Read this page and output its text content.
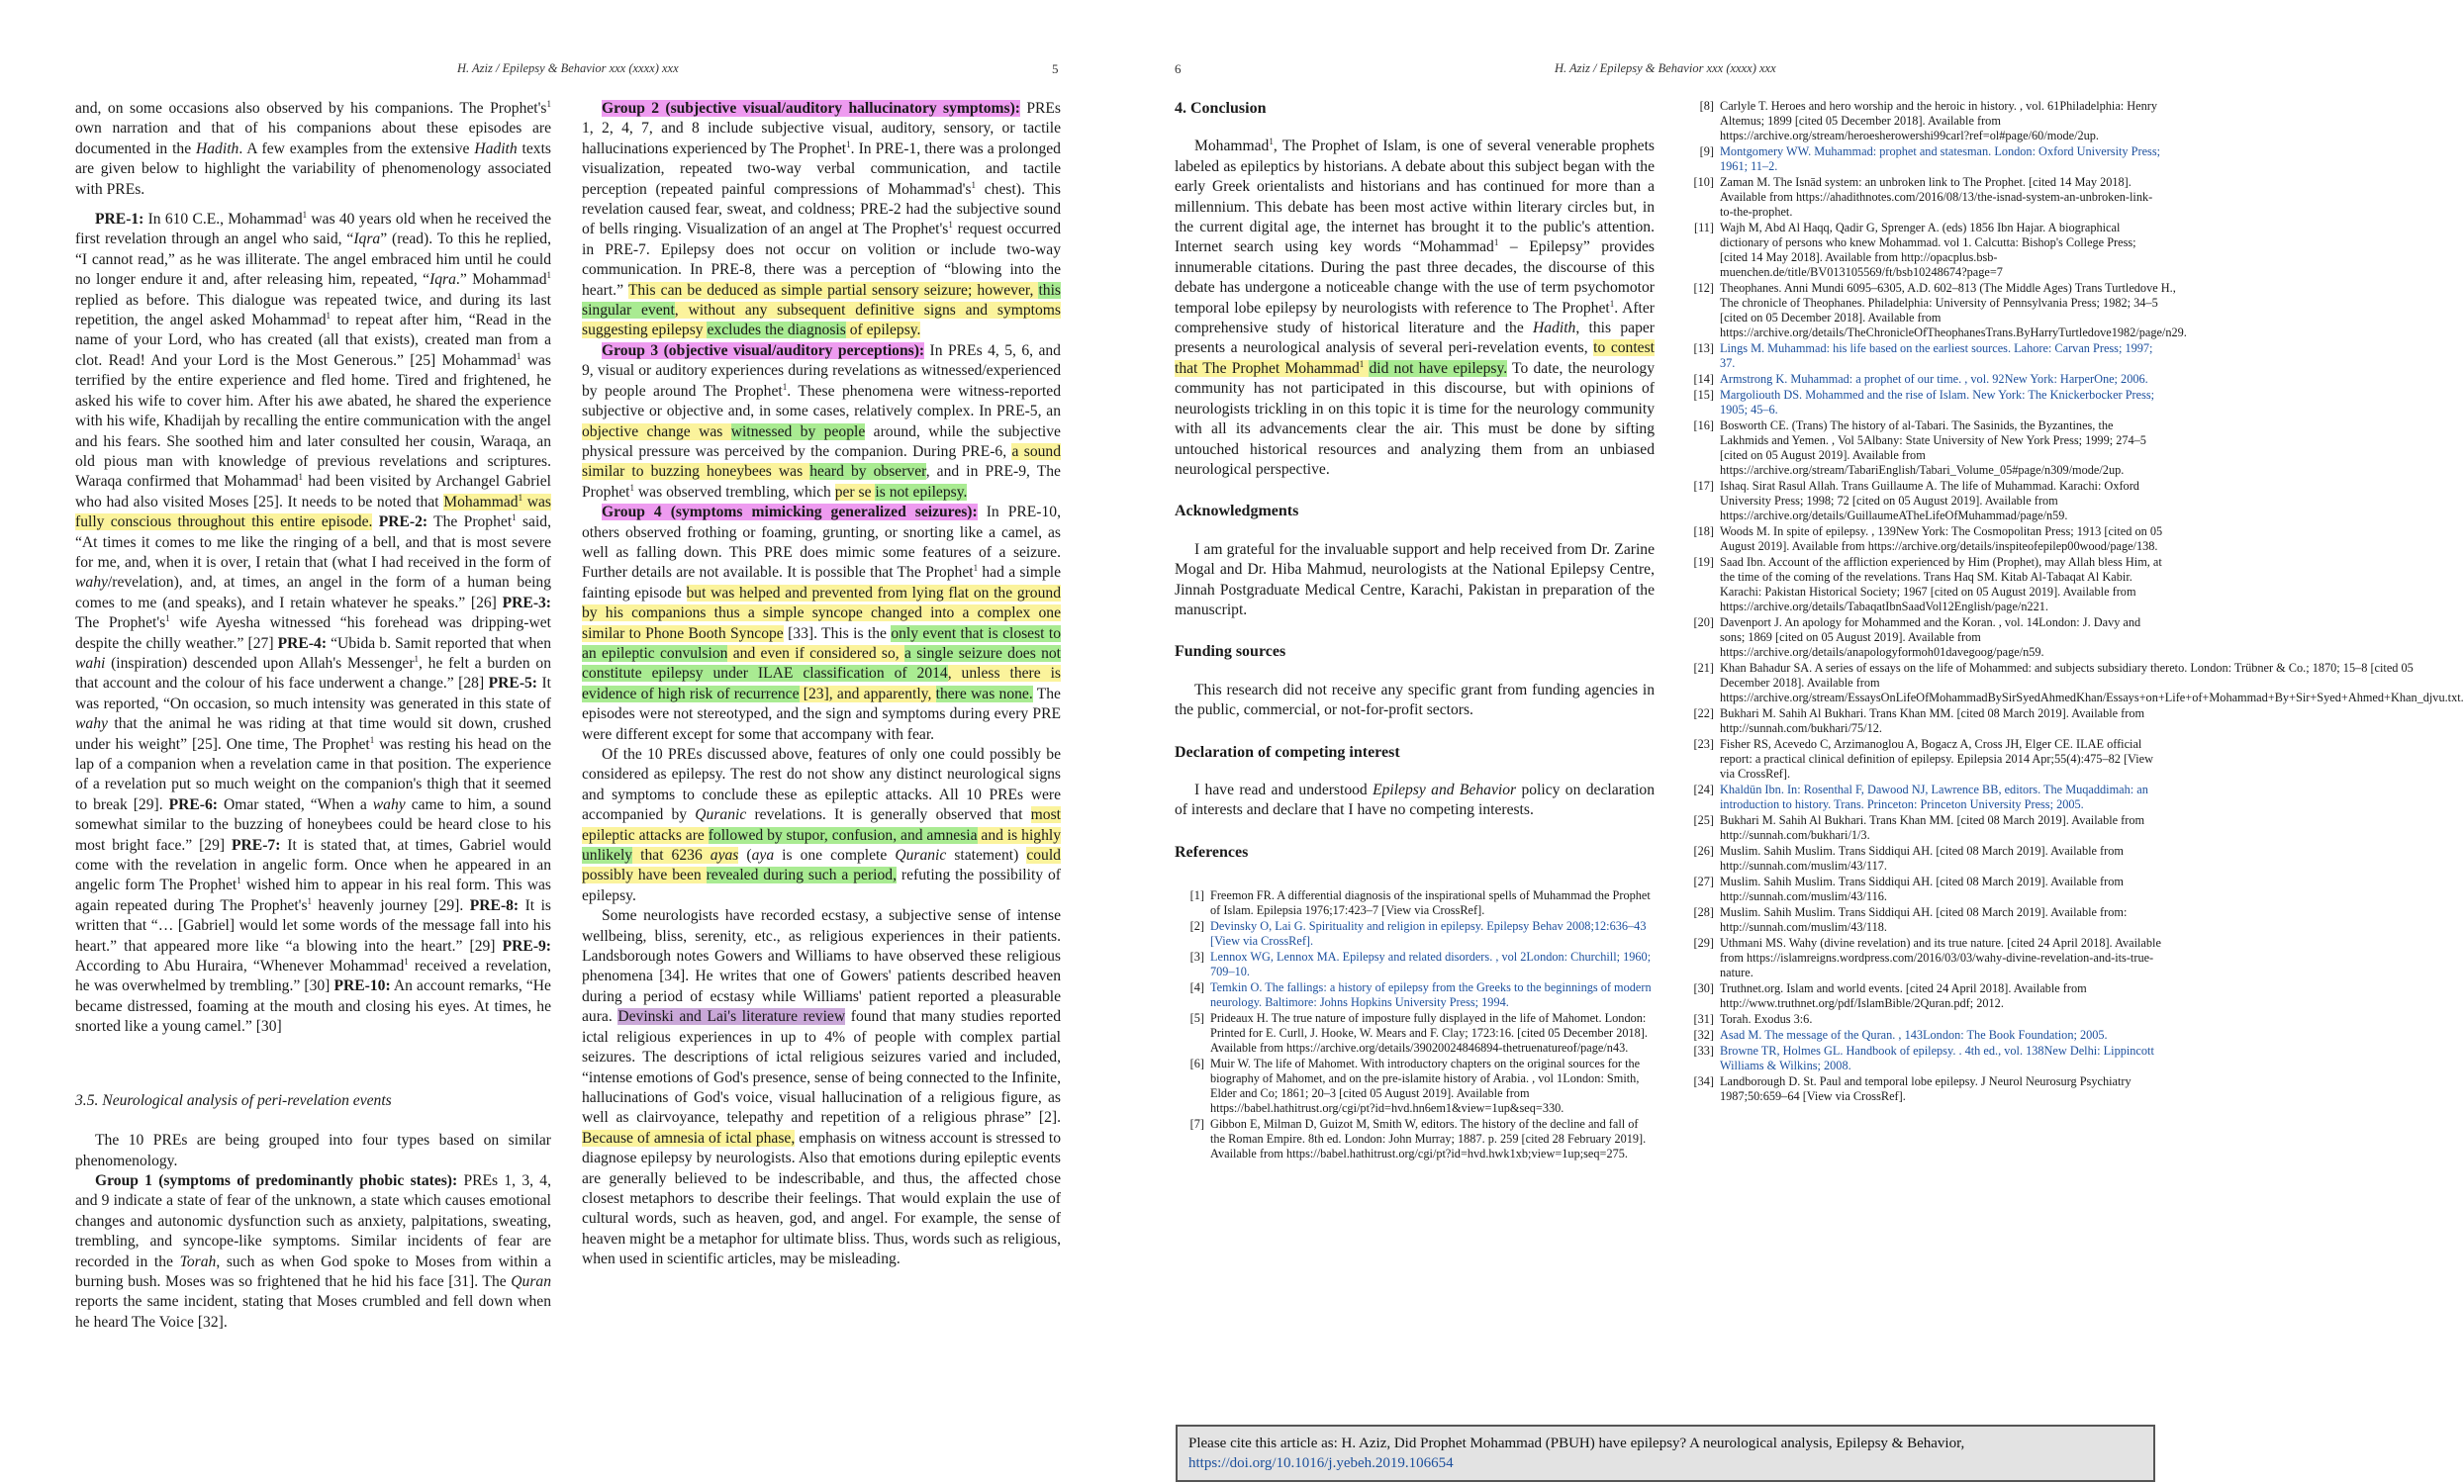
H. Aziz / Epilepsy & Behavior xxx (xxxx) xxx	5

and, on some occasions also observed by his companions. The $Prophet's^1$ own narration and that of his companions about these episodes are documented in the Hadith. A few examples from the extensive Hadith texts are given below to highlight the variability of phenomenology associated with PREs.

PRE-1: In 610 C.E., Mohammad$^1$ was 40 years old when he received the first revelation through an angel who said, “Iqra” (read). To this he replied, “I cannot read,” as he was illiterate. The angel embraced him until he could no longer endure it and, after releasing him, repeated, “Iqra.” Mohammad$^1$ replied as before. This dialogue was repeated twice, and during its last repetition, the angel asked Mohammad$^1$ to repeat after him, “Read in the name of your Lord, who has created (all that exists), created man from a clot. Read! And your Lord is the Most Generous.” [25] Mohammad$^1$ was terrified by the entire experience and fled home. Tired and frightened, he asked his wife to cover him. After his awe abated, he shared the experience with his wife, Khadijah by recalling the entire communication with the angel and his fears. She soothed him and later consulted her cousin, Waraqa, an old pious man with knowledge of previous revelations and scriptures. Waraqa confirmed that Mohammad$^1$ had been visited by Archangel Gabriel who had also visited Moses [25]. It needs to be noted that Mohammad$^1$ was fully conscious throughout this entire episode. PRE-2: The Prophet$^1$ said, “At times it comes to me like the ringing of a bell, and that is most severe for me, and, when it is over, I retain that (what I had received in the form of wahy/revelation), and, at times, an angel in the form of a human being comes to me (and speaks), and I retain whatever he speaks.” [26] PRE-3: The $Prophet's^1$ wife Ayesha witnessed “his forehead was dripping-wet despite the chilly weather.” [27] PRE-4: “Ubida b. Samit reported that when wahi (inspiration) descended upon Allah's Messenger$^1$, he felt a burden on that account and the colour of his face underwent a change.” [28] PRE-5: It was reported, “On occasion, so much intensity was generated in this state of wahy that the animal he was riding at that time would sit down, crushed under his weight” [25]. One time, The Prophet$^1$ was resting his head on the lap of a companion when a revelation came in that position. The experience of a revelation put so much weight on the companion's thigh that it seemed to break [29]. PRE-6: Omar stated, “When a wahy came to him, a sound somewhat similar to the buzzing of honeybees could be heard close to his most bright face.” [29] PRE-7: It is stated that, at times, Gabriel would come with the revelation in angelic form. Once when he appeared in an angelic form The Prophet$^1$ wished him to appear in his real form. This was again repeated during The $Prophet's^1$ heavenly journey [29]. PRE-8: It is written that “… [Gabriel] would let some words of the message fall into his heart.” that appeared more like “a blowing into the heart.” [29] PRE-9: According to Abu Huraira, “Whenever Mohammad$^1$ received a revelation, he was overwhelmed by trembling.” [30] PRE-10: An account remarks, “He became distressed, foaming at the mouth and closing his eyes. At times, he snorted like a young camel.” [30]

3.5. Neurological analysis of peri-revelation events

The 10 PREs are being grouped into four types based on similar phenomenology.

Group 1 (symptoms of predominantly phobic states): PREs 1, 3, 4, and 9 indicate a state of fear of the unknown, a state which causes emotional changes and autonomic dysfunction such as anxiety, palpitations, sweating, trembling, and syncope-like symptoms. Similar incidents of fear are recorded in the Torah, such as when God spoke to Moses from within a burning bush. Moses was so frightened that he hid his face [31]. The Quran reports the same incident, stating that Moses crumbled and fell down when he heard The Voice [32].

Group 2 (subjective visual/auditory hallucinatory symptoms): PREs 1, 2, 4, 7, and 8 include subjective visual, auditory, sensory, or tactile hallucinations experienced by The Prophet$^1$. In PRE-1, there was a prolonged visualization, repeated two-way verbal communication, and tactile perception (repeated painful compressions of $Mohammad's^1$ chest). This revelation caused fear, sweat, and coldness; PRE-2 had the subjective sound of bells ringing. Visualization of an angel at The $Prophet's^1$ request occurred in PRE-7. Epilepsy does not occur on volition or include two-way communication. In PRE-8, there was a perception of “blowing into the heart.” This can be deduced as simple partial sensory seizure; however, this singular event, without any subsequent definitive signs and symptoms suggesting epilepsy excludes the diagnosis of epilepsy.

Group 3 (objective visual/auditory perceptions): In PREs 4, 5, 6, and 9, visual or auditory experiences during revelations as witnessed/experienced by people around The Prophet$^1$. These phenomena were witness-reported subjective or objective and, in some cases, relatively complex. In PRE-5, an objective change was witnessed by people around, while the subjective physical pressure was perceived by the companion. During PRE-6, a sound similar to buzzing honeybees was heard by observer, and in PRE-9, The Prophet$^1$ was observed trembling, which per se is not epilepsy.

Group 4 (symptoms mimicking generalized seizures): In PRE-10, others observed frothing or foaming, grunting, or snorting like a camel, as well as falling down. This PRE does mimic some features of a seizure. Further details are not available. It is possible that The Prophet$^1$ had a simple fainting episode but was helped and prevented from lying flat on the ground by his companions thus a simple syncope changed into a complex one similar to Phone Booth Syncope [33]. This is the only event that is closest to an epileptic convulsion and even if considered so, a single seizure does not constitute epilepsy under ILAE classification of 2014, unless there is evidence of high risk of recurrence [23], and apparently, there was none. The episodes were not stereotyped, and the sign and symptoms during every PRE were different except for some that accompany with fear.

Of the 10 PREs discussed above, features of only one could possibly be considered as epilepsy. The rest do not show any distinct neurological signs and symptoms to conclude these as epileptic attacks. All 10 PREs were accompanied by Quranic revelations. It is generally observed that most epileptic attacks are followed by stupor, confusion, and amnesia and is highly unlikely that 6236 ayas (aya is one complete Quranic statement) could possibly have been revealed during such a period, refuting the possibility of epilepsy.

Some neurologists have recorded ecstasy, a subjective sense of intense wellbeing, bliss, serenity, etc., as religious experiences in their patients. Landsborough notes Gowers and Williams to have observed these religious phenomena [34]. He writes that one of Gowers' patients described heaven during a period of ecstasy while Williams' patient reported a pleasurable aura. Devinski and Lai's literature review found that many studies reported ictal religious experiences in up to 4% of people with complex partial seizures. The descriptions of ictal religious seizures varied and included, “intense emotions of God's presence, sense of being connected to the Infinite, hallucinations of God's voice, visual hallucination of a religious figure, as well as clairvoyance, telepathy and repetition of a religious phrase” [2]. Because of amnesia of ictal phase, emphasis on witness account is stressed to diagnose epilepsy by neurologists. Also that emotions during epileptic events are generally believed to be indescribable, and thus, the affected chose closest metaphors to describe their feelings. That would explain the use of cultural words, such as heaven, god, and angel. For example, the sense of heaven might be a metaphor for ultimate bliss. Thus, words such as religious, when used in scientific articles, may be misleading.

6	H. Aziz / Epilepsy & Behavior xxx (xxxx) xxx

4. Conclusion

Mohammad$^1$, The Prophet of Islam, is one of several venerable prophets labeled as epileptics by historians. A debate about this subject began with the early Greek orientalists and historians and has continued for more than a millennium. This debate has been most active within literary circles but, in the current digital age, the internet has brought it to the public's attention. Internet search using key words “Mohammad$^1$ – Epilepsy” provides innumerable citations. During the past three decades, the discourse of this debate has undergone a noticeable change with the use of term psychomotor temporal lobe epilepsy by neurologists with reference to The Prophet$^1$. After comprehensive study of historical literature and the Hadith, this paper presents a neurological analysis of several peri-revelation events, to contest that The Prophet Mohammad$^1$ did not have epilepsy. To date, the neurology community has not participated in this discourse, but with opinions of neurologists trickling in on this topic it is time for the neurology community with all its advancements clear the air. This must be done by sifting untouched historical resources and analyzing them from an unbiased neurological perspective.

Acknowledgments

I am grateful for the invaluable support and help received from Dr. Zarine Mogal and Dr. Hiba Mahmud, neurologists at the National Epilepsy Centre, Jinnah Postgraduate Medical Centre, Karachi, Pakistan in preparation of the manuscript.

Funding sources

This research did not receive any specific grant from funding agencies in the public, commercial, or not-for-profit sectors.

Declaration of competing interest

I have read and understood Epilepsy and Behavior policy on declaration of interests and declare that I have no competing interests.

References

[1] Freemon FR. A differential diagnosis of the inspirational spells of Muhammad the Prophet of Islam. Epilepsia 1976;17:423–7 [View via CrossRef].
[2] Devinsky O, Lai G. Spirituality and religion in epilepsy. Epilepsy Behav 2008;12:636–43 [View via CrossRef].
[3] Lennox WG, Lennox MA. Epilepsy and related disorders. , vol 2London: Churchill; 1960; 709–10.
[4] Temkin O. The fallings: a history of epilepsy from the Greeks to the beginnings of modern neurology. Baltimore: Johns Hopkins University Press; 1994.
[5] Prideaux H. The true nature of imposture fully displayed in the life of Mahomet. London: Printed for E. Curll, J. Hooke, W. Mears and F. Clay; 1723:16. [cited 05 December 2018]. Available from https://archive.org/details/39020024846894-thetruenatureof/page/n43.
[6] Muir W. The life of Mahomet. With introductory chapters on the original sources for the biography of Mahomet, and on the pre-islamite history of Arabia. , vol 1London: Smith, Elder and Co; 1861; 20–3 [cited 05 August 2019]. Available from https://babel.hathitrust.org/cgi/pt?id=hvd.hn6em1&view=1up&seq=330.
[7] Gibbon E, Milman D, Guizot M, Smith W, editors. The history of the decline and fall of the Roman Empire. 8th ed. London: John Murray; 1887. p. 259 [cited 28 February 2019]. Available from https://babel.hathitrust.org/cgi/pt?id=hvd.hwk1xb;view=1up;seq=275.
[8] Carlyle T. Heroes and hero worship and the heroic in history. , vol. 61Philadelphia: Henry Altemus; 1899 [cited 05 December 2018]. Available from https://archive.org/stream/heroesherowershi99carl?ref=ol#page/60/mode/2up.
[9] Montgomery WW. Muhammad: prophet and statesman. London: Oxford University Press; 1961; 11–2.
[10] Zaman M. The Isnād system: an unbroken link to The Prophet. [cited 14 May 2018]. Available from https://ahadithnotes.com/2016/08/13/the-isnad-system-an-unbroken-link-to-the-prophet.
[11] Wajh M, Abd Al Haqq, Qadir G, Sprenger A. (eds) 1856 Ibn Hajar. A biographical dictionary of persons who knew Mohammad. vol 1. Calcutta: Bishop's College Press; [cited 14 May 2018]. Available from http://opacplus.bsb-muenchen.de/title/BV013105569/ft/bsb10248674?page=7
[12] Theophanes. Anni Mundi 6095–6305, A.D. 602–813 (The Middle Ages) Trans Turtledove H., The chronicle of Theophanes. Philadelphia: University of Pennsylvania Press; 1982; 34–5 [cited on 05 December 2018]. Available from https://archive.org/details/TheChronicleOfTheophanesTrans.ByHarryTurtledove1982/page/n29.
[13] Lings M. Muhammad: his life based on the earliest sources. Lahore: Carvan Press; 1997; 37.
[14] Armstrong K. Muhammad: a prophet of our time. , vol. 92New York: HarperOne; 2006.
[15] Margoliouth DS. Mohammed and the rise of Islam. New York: The Knickerbocker Press; 1905; 45–6.
[16] Bosworth CE. (Trans) The history of al-Tabari. The Sasinids, the Byzantines, the Lakhmids and Yemen. , Vol 5Albany: State University of New York Press; 1999; 274–5 [cited on 05 August 2019]. Available from https://archive.org/stream/TabariEnglish/Tabari_Volume_05#page/n309/mode/2up.
[17] Ishaq. Sirat Rasul Allah. Trans Guillaume A. The life of Muhammad. Karachi: Oxford University Press; 1998; 72 [cited on 05 August 2019]. Available from https://archive.org/details/GuillaumeATheLifeOfMuhammad/page/n59.
[18] Woods M. In spite of epilepsy. , 139New York: The Cosmopolitan Press; 1913 [cited on 05 August 2019]. Available from https://archive.org/details/inspiteofepilep00wood/page/138.
[19] Saad Ibn. Account of the affliction experienced by Him (Prophet), may Allah bless Him, at the time of the coming of the revelations. Trans Haq SM. Kitab Al-Tabaqat Al Kabir. Karachi: Pakistan Historical Society; 1967 [cited on 05 August 2019]. Available from https://archive.org/details/TabaqatIbnSaadVol12English/page/n221.
[20] Davenport J. An apology for Mohammed and the Koran. , vol. 14London: J. Davy and sons; 1869 [cited on 05 August 2019]. Available from https://archive.org/details/anapologyformoh01davegoog/page/n59.
[21] Khan Bahadur SA. A series of essays on the life of Mohammed: and subjects subsidiary thereto. London: Trübner & Co.; 1870; 15–8 [cited 05 December 2018]. Available from https://archive.org/stream/EssaysOnLifeOfMohammadBySirSyedAhmedKhan/Essays+on+Life+of+Mohammad+By+Sir+Syed+Ahmed+Khan_djvu.txt.
[22] Bukhari M. Sahih Al Bukhari. Trans Khan MM. [cited 08 March 2019]. Available from http://sunnah.com/bukhari/75/12.
[23] Fisher RS, Acevedo C, Arzimanoglou A, Bogacz A, Cross JH, Elger CE. ILAE official report: a practical clinical definition of epilepsy. Epilepsia 2014 Apr;55(4):475–82 [View via CrossRef].
[24] Khaldūn Ibn. In: Rosenthal F, Dawood NJ, Lawrence BB, editors. The Muqaddimah: an introduction to history. Trans. Princeton: Princeton University Press; 2005.
[25] Bukhari M. Sahih Al Bukhari. Trans Khan MM. [cited 08 March 2019]. Available from http://sunnah.com/bukhari/1/3.
[26] Muslim. Sahih Muslim. Trans Siddiqui AH. [cited 08 March 2019]. Available from http://sunnah.com/muslim/43/117.
[27] Muslim. Sahih Muslim. Trans Siddiqui AH. [cited 08 March 2019]. Available from http://sunnah.com/muslim/43/116.
[28] Muslim. Sahih Muslim. Trans Siddiqui AH. [cited 08 March 2019]. Available from: http://sunnah.com/muslim/43/118.
[29] Uthmani MS. Wahy (divine revelation) and its true nature. [cited 24 April 2018]. Available from https://islamreigns.wordpress.com/2016/03/03/wahy-divine-revelation-and-its-true-nature.
[30] Truthnet.org. Islam and world events. [cited 24 April 2018]. Available from http://www.truthnet.org/pdf/IslamBible/2Quran.pdf; 2012.
[31] Torah. Exodus 3:6.
[32] Asad M. The message of the Quran. , 143London: The Book Foundation; 2005.
[33] Browne TR, Holmes GL. Handbook of epilepsy. . 4th ed., vol. 138New Delhi: Lippincott Williams & Wilkins; 2008.
[34] Landborough D. St. Paul and temporal lobe epilepsy. J Neurol Neurosurg Psychiatry 1987;50:659–64 [View via CrossRef].
Please cite this article as: H. Aziz, Did Prophet Mohammad (PBUH) have epilepsy? A neurological analysis, Epilepsy & Behavior, https://doi.org/10.1016/j.yebeh.2019.106654
